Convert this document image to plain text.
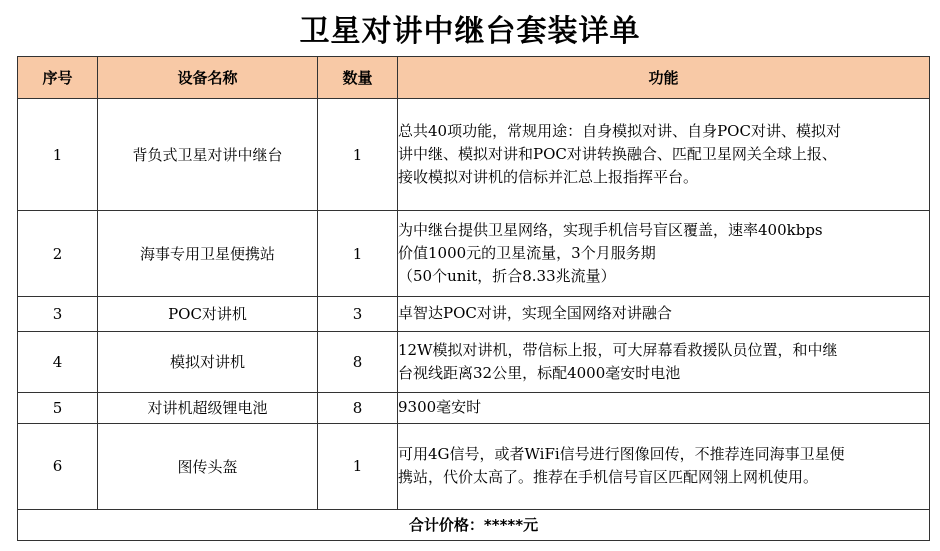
卫星对讲中继台套装详单
序号	设备名称	数量	功能
1	背负式卫星对讲中继台	1	总共40项功能，常规用途：自身模拟对讲、自身POC对讲、模拟对
讲中继、模拟对讲和POC对讲转换融合、匹配卫星网关全球上报、
接收模拟对讲机的信标并汇总上报指挥平台。

2	海事专用卫星便携站	1	为中继台提供卫星网络，实现手机信号盲区覆盖，速率400kbps
价值1000元的卫星流量，3个月服务期
（50个unit，折合8.33兆流量）

3	POC对讲机	3	卓智达POC对讲，实现全国网络对讲融合

4	模拟对讲机	8	12W模拟对讲机，带信标上报，可大屏幕看救援队员位置，和中继
台视线距离32公里，标配4000毫安时电池

5	对讲机超级锂电池	8	9300毫安时

6	图传头盔	1	可用4G信号，或者WiFi信号进行图像回传，不推荐连同海事卫星便
携站，代价太高了。推荐在手机信号盲区匹配网翎上网机使用。

合计价格：*****元			
